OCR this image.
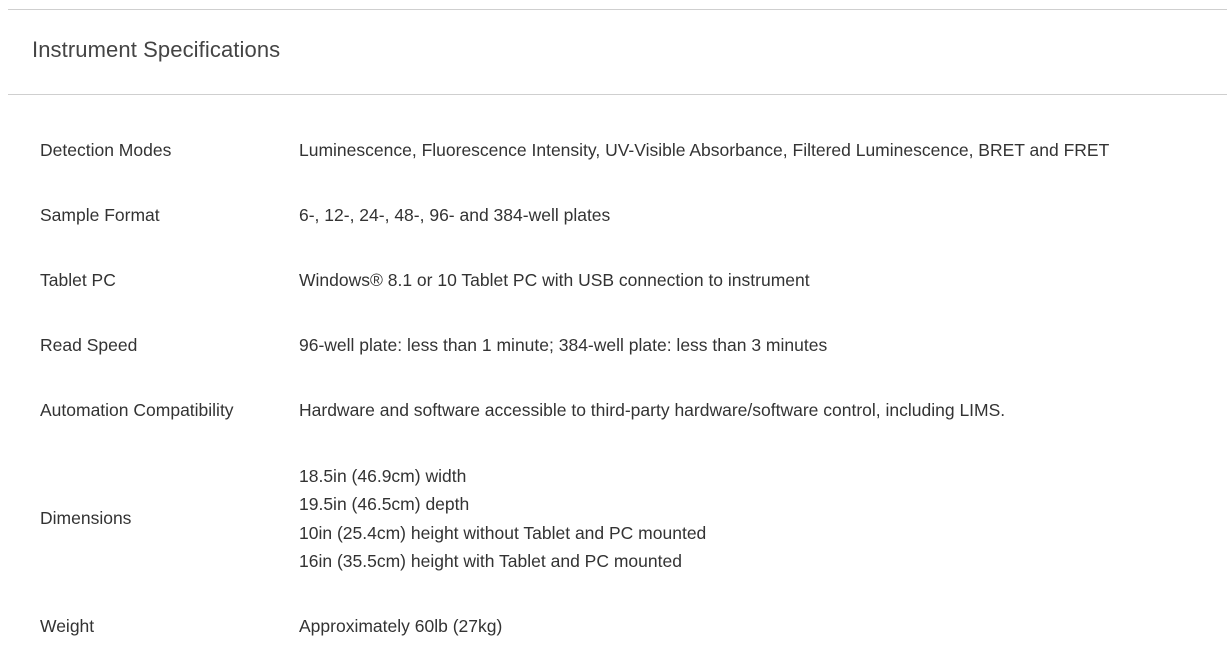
Instrument Specifications
Detection Modes	Luminescence, Fluorescence Intensity, UV-Visible Absorbance, Filtered Luminescence, BRET and FRET
Sample Format	6-, 12-, 24-, 48-, 96- and 384-well plates
Tablet PC	Windows® 8.1 or 10 Tablet PC with USB connection to instrument
Read Speed	96-well plate: less than 1 minute; 384-well plate: less than 3 minutes
Automation Compatibility	Hardware and software accessible to third-party hardware/software control, including LIMS.
Dimensions	18.5in (46.9cm) width
19.5in (46.5cm) depth
10in (25.4cm) height without Tablet and PC mounted
16in (35.5cm) height with Tablet and PC mounted

Weight	Approximately 60lb (27kg)
